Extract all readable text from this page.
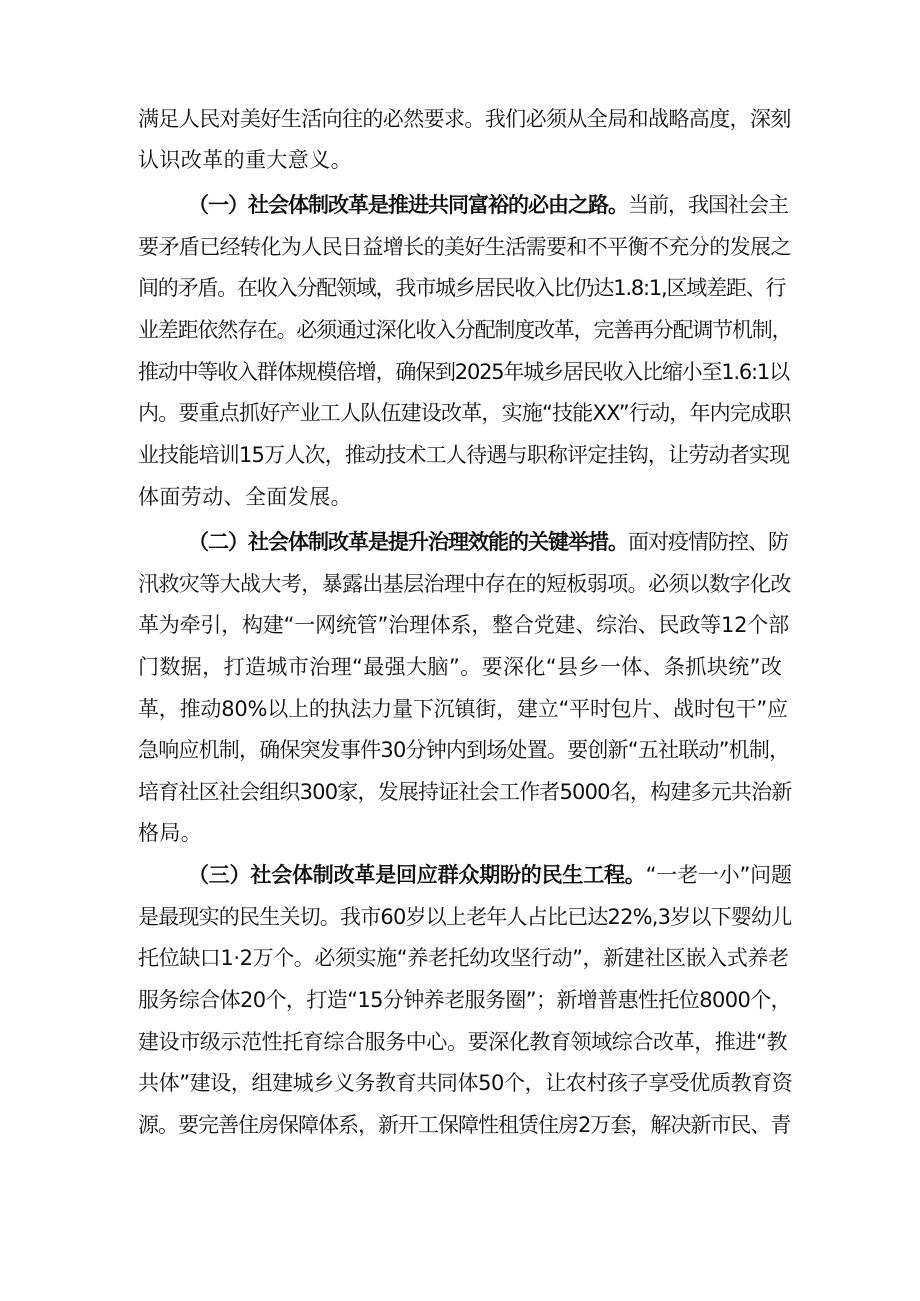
满足人民对美好生活向往的必然要求。我们必须从全局和战略高度，深刻

认识改革的重大意义。

（一）社会体制改革是推进共同富裕的必由之路。当前，我国社会主

要矛盾已经转化为人民日益增长的美好生活需要和不平衡不充分的发展之

间的矛盾。在收入分配领域，我市城乡居民收入比仍达1.8:1,区域差距、行

业差距依然存在。必须通过深化收入分配制度改革，完善再分配调节机制，

推动中等收入群体规模倍增，确保到2025年城乡居民收入比缩小至1.6:1以

内。要重点抓好产业工人队伍建设改革，实施“技能XX”行动，年内完成职

业技能培训15万人次，推动技术工人待遇与职称评定挂钩，让劳动者实现

体面劳动、全面发展。

（二）社会体制改革是提升治理效能的关键举措。面对疫情防控、防

汛救灾等大战大考，暴露出基层治理中存在的短板弱项。必须以数字化改

革为牵引，构建“一网统管”治理体系，整合党建、综治、民政等12个部

门数据，打造城市治理“最强大脑”。要深化“县乡一体、条抓块统”改

革，推动80%以上的执法力量下沉镇街，建立“平时包片、战时包干”应

急响应机制，确保突发事件30分钟内到场处置。要创新“五社联动”机制，

培育社区社会组织300家，发展持证社会工作者5000名，构建多元共治新

格局。

（三）社会体制改革是回应群众期盼的民生工程。“一老一小”问题

是最现实的民生关切。我市60岁以上老年人占比已达22%,3岁以下婴幼儿

托位缺口1·2万个。必须实施“养老托幼攻坚行动”，新建社区嵌入式养老

服务综合体20个，打造“15分钟养老服务圈”；新增普惠性托位8000个，

建设市级示范性托育综合服务中心。要深化教育领域综合改革，推进“教

共体”建设，组建城乡义务教育共同体50个，让农村孩子享受优质教育资

源。要完善住房保障体系，新开工保障性租赁住房2万套，解决新市民、青
